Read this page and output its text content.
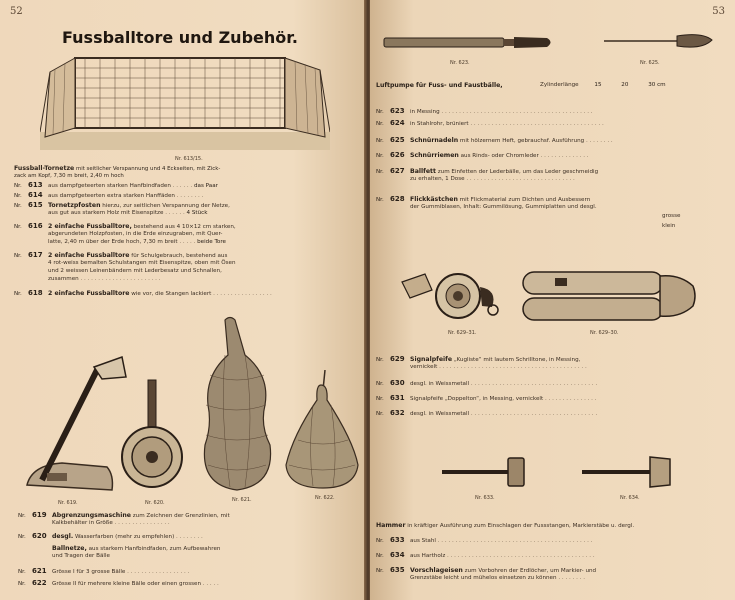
52
Fussballtore und Zubehör.
Nr. 613/15.
Fussball-Tornetze mit seitlicher Verspannung und 4 Eckseiten, mit Zick-
zack am Kopf, 7,30 m breit, 2,40 m hoch
Nr. 613 aus dampfgeteerten starken Hanfbindfaden . . . . . . das Paar
Nr. 614 aus dampfgeteerten extra starken Hanffäden . . . . . . . .
Nr. 615 Tornetzpfosten hierzu, zur seitlichen Verspannung der Netze,
aus gut aus starkem Holz mit Eisenspitze . . . . . . 4 Stück
Nr. 616 2 einfache Fussballtore, bestehend aus 4 10×12 cm starken,
abgerundeten Holzpfosten, in die Erde einzugraben, mit Quer-
latte, 2,40 m über der Erde hoch, 7,30 m breit . . . . . beide Tore
Nr. 617 2 einfache Fussballtore für Schulgebrauch, bestehend aus
4 rot-weiss bemalten Schulstangen mit Eisenspitze, oben mit Ösen
und 2 weissen Leinenbändern mit Lederbesatz und Schnallen,
zusammen . . . . . . . . . . . . . . . . . . . . . . .
Nr. 618 2 einfache Fussballtore wie vor, die Stangen lackiert . . . . . . . . . . . . . . . . .
Nr. 619.	Nr. 620.	Nr. 621.	Nr. 622.
Nr. 619 Abgrenzungsmaschine zum Zeichnen der Grenzlinien, mit
Kalkbehälter in Größe . . . . . . . . . . . . . . . .
Nr. 620 desgl. Wasserfarben (mehr zu empfehlen) . . . . . . . .
Ballnetze, aus starkem Hanfbindfaden, zum Aufbewahren
und Tragen der Bälle
Nr. 621 Grösse I für 3 grosse Bälle . . . . . . . . . . . . . . . . . .
Nr. 622 Grösse II für mehrere kleine Bälle oder einen grossen . . . . .
53
Nr. 623.	Nr. 625.
Luftpumpe für Fuss- und Faustbälle,	Zylinderlänge	15	20	30 cm
Nr. 623 in Messing . . . . . . . . . . . . . . . . . . . . . . . . . . . . . . . . . . . . . . . . . . .
Nr. 624 in Stahlrohr, brüniert . . . . . . . . . . . . . . . . . . . . . . . . . . . . . . . . . . . . . .
Nr. 625 Schnürnadeln mit hölzernem Heft, gebrauchsf. Ausführung . . . . . . . .
Nr. 626 Schnürriemen aus Rinds- oder Chromleder . . . . . . . . . . . . . .
Nr. 627 Ballfett zum Einfetten der Lederbälle, um das Leder geschmeidig
zu erhalten, 1 Dose . . . . . . . . . . . . . . . . . . . . . . . . . . . . . . .
Nr. 628 Flickkästchen mit Flickmaterial zum Dichten und Ausbessern
der Gummiblasen, Inhalt: Gummilösung, Gummiplatten und desgl.
grosse
klein
Nr. 629–31.	Nr. 629–30.
Nr. 629 Signalpfeife „Kugliste“ mit lautem Schrilltone, in Messing,
vernickelt . . . . . . . . . . . . . . . . . . . . . . . . . . . . . . . . . . . . . . . . . .
Nr. 630 desgl. in Weissmetall . . . . . . . . . . . . . . . . . . . . . . . . . . . . . . . . . . . .
Nr. 631 Signalpfeife „Doppelton“, in Messing, vernickelt . . . . . . . . . . . . . . .
Nr. 632 desgl. in Weissmetall . . . . . . . . . . . . . . . . . . . . . . . . . . . . . . . . . . . .
Nr. 633.	Nr. 634.
Hammer in kräftiger Ausführung zum Einschlagen der Fussstangen, Markierstäbe u. dergl.
Nr. 633 aus Stahl . . . . . . . . . . . . . . . . . . . . . . . . . . . . . . . . . . . . . . . . . . . .
Nr. 634 aus Hartholz . . . . . . . . . . . . . . . . . . . . . . . . . . . . . . . . . . . . . . . . . .
Nr. 635 Vorschlageisen zum Vorbohren der Erdlöcher, um Markier- und
Grenzstäbe leicht und mühelos einsetzen zu können . . . . . . . .
